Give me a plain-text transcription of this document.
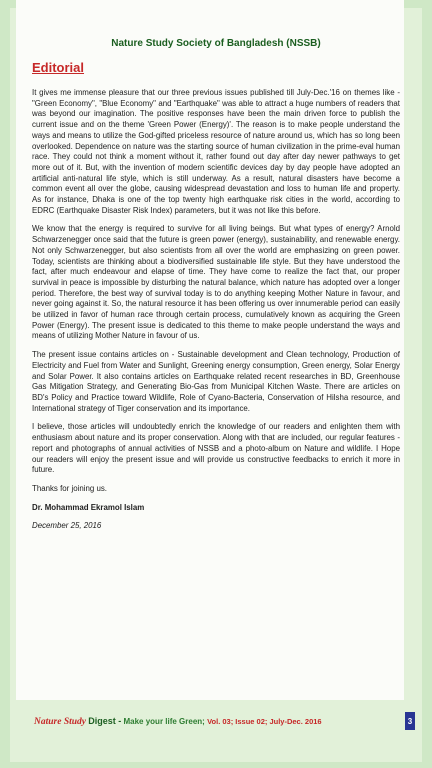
Nature Study Society of Bangladesh (NSSB)
Editorial

It gives me immense pleasure that our three previous issues published till July-Dec.'16 on themes like - "Green Economy", "Blue Economy" and "Earthquake" was able to attract a huge numbers of readers that was beyond our imagination. The positive responses have been the main driven force to publish the current issue and on the theme 'Green Power (Energy)'. The reason is to make people understand the ways and means to utilize the God-gifted priceless resource of nature around us, which has so long been overlooked. Dependence on nature was the starting source of human civilization in the prime-eval human race. They could not think a moment without it, rather found out day after day newer pathways to get more out of it. But, with the invention of modern scientific devices day by day people have adopted an artificial anti-natural life style, which is still underway. As a result, natural disasters have become a common event all over the globe, causing widespread devastation and loss to human life and property. As for instance, Dhaka is one of the top twenty high earthquake risk cities in the world, according to EDRC (Earthquake Disaster Risk Index) parameters, but it was not like this before.

We know that the energy is required to survive for all living beings. But what types of energy? Arnold Schwarzenegger once said that the future is green power (energy), sustainability, and renewable energy. Not only Schwarzenegger, but also scientists from all over the world are emphasizing on green power. Today, scientists are thinking about a biodiversified sustainable life style. But they have understood the fact, after much endeavour and elapse of time. They have come to realize the fact that, our proper survival in peace is impossible by disturbing the natural balance, which nature has adopted over a longer period. Therefore, the best way of survival today is to do anything keeping Mother Nature in favour, and never going against it. So, the natural resource it has been offering us over innumerable period can easily be utilized in favor of human race through certain process, cumulatively known as acquiring the Green Power (Energy). The present issue is dedicated to this theme to make people understand the ways and means of utilizing Mother Nature in favour of us.

The present issue contains articles on - Sustainable development and Clean technology, Production of Electricity and Fuel from Water and Sunlight, Greening energy consumption, Green energy, Solar Energy and Solar Power. It also contains articles on Earthquake related recent researches in BD, Greenhouse Gas Mitigation Strategy, and Generating Bio-Gas from Municipal Kitchen Waste. There are articles on BD's Policy and Practice toward Wildlife, Role of Cyano-Bacteria, Conservation of Hilsha resource, and International strategy of Tiger conservation and its importance.

I believe, those articles will undoubtedly enrich the knowledge of our readers and enlighten them with enthusiasm about nature and its proper conservation. Along with that are included, our regular features - report and photographs of annual activities of NSSB and a photo-album on Nature and wildlife. I Hope our readers will enjoy the present issue and will provide us constructive feedbacks to enrich it more in future.

Thanks for joining us.

Dr. Mohammad Ekramol Islam

December 25, 2016

Nature Study Digest - Make your life Green; Vol. 03; Issue 02; July-Dec. 2016	3
